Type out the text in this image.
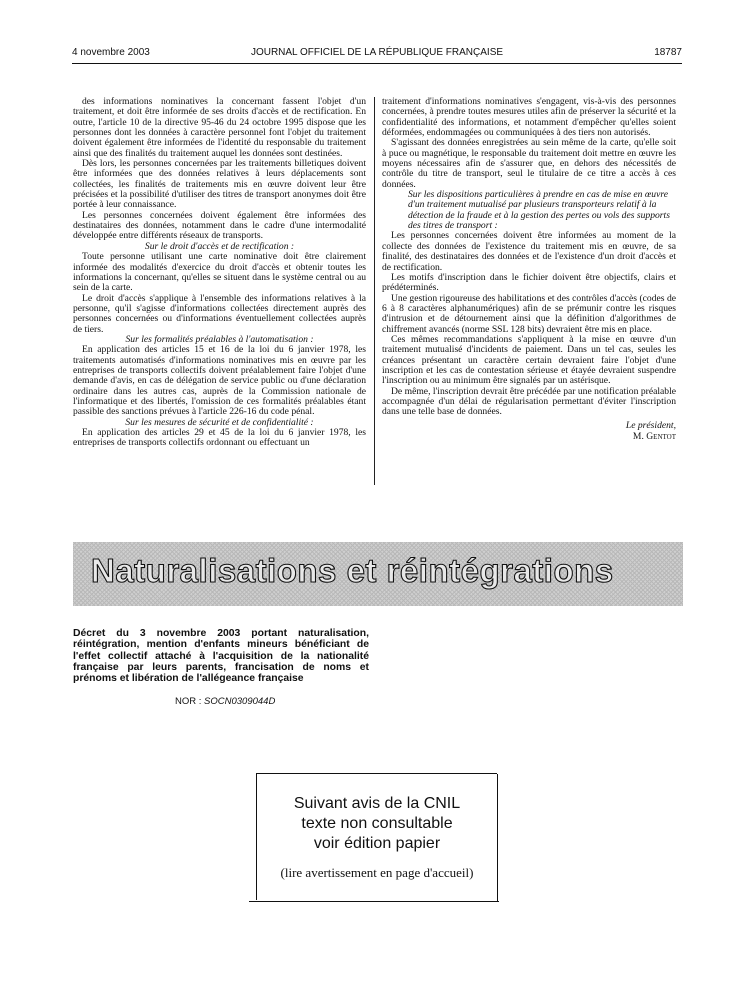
4 novembre 2003	JOURNAL OFFICIEL DE LA RÉPUBLIQUE FRANÇAISE	18787

des informations nominatives la concernant fassent l'objet d'un traitement, et doit être informée de ses droits d'accès et de rectification. En outre, l'article 10 de la directive 95-46 du 24 octobre 1995 dispose que les personnes dont les données à caractère personnel font l'objet du traitement doivent également être informées de l'identité du responsable du traitement ainsi que des finalités du traitement auquel les données sont destinées.

Dès lors, les personnes concernées par les traitements billetiques doivent être informées que des données relatives à leurs déplacements sont collectées, les finalités de traitements mis en œuvre doivent leur être précisées et la possibilité d'utiliser des titres de transport anonymes doit être portée à leur connaissance.

Les personnes concernées doivent également être informées des destinataires des données, notamment dans le cadre d'une intermodalité développée entre différents réseaux de transports.

Sur le droit d'accès et de rectification :

Toute personne utilisant une carte nominative doit être clairement informée des modalités d'exercice du droit d'accès et obtenir toutes les informations la concernant, qu'elles se situent dans le système central ou au sein de la carte.

Le droit d'accès s'applique à l'ensemble des informations relatives à la personne, qu'il s'agisse d'informations collectées directement auprès des personnes concernées ou d'informations éventuellement collectées auprès de tiers.

Sur les formalités préalables à l'automatisation :

En application des articles 15 et 16 de la loi du 6 janvier 1978, les traitements automatisés d'informations nominatives mis en œuvre par les entreprises de transports collectifs doivent préalablement faire l'objet d'une demande d'avis, en cas de délégation de service public ou d'une déclaration ordinaire dans les autres cas, auprès de la Commission nationale de l'informatique et des libertés, l'omission de ces formalités préalables étant passible des sanctions prévues à l'article 226-16 du code pénal.

Sur les mesures de sécurité et de confidentialité :

En application des articles 29 et 45 de la loi du 6 janvier 1978, les entreprises de transports collectifs ordonnant ou effectuant un

traitement d'informations nominatives s'engagent, vis-à-vis des personnes concernées, à prendre toutes mesures utiles afin de préserver la sécurité et la confidentialité des informations, et notamment d'empêcher qu'elles soient déformées, endommagées ou communiquées à des tiers non autorisés.

S'agissant des données enregistrées au sein même de la carte, qu'elle soit à puce ou magnétique, le responsable du traitement doit mettre en œuvre les moyens nécessaires afin de s'assurer que, en dehors des nécessités de contrôle du titre de transport, seul le titulaire de ce titre a accès à ces données.

Sur les dispositions particulières à prendre en cas de mise en œuvre d'un traitement mutualisé par plusieurs transporteurs relatif à la détection de la fraude et à la gestion des pertes ou vols des supports des titres de transport :

Les personnes concernées doivent être informées au moment de la collecte des données de l'existence du traitement mis en œuvre, de sa finalité, des destinataires des données et de l'existence d'un droit d'accès et de rectification.

Les motifs d'inscription dans le fichier doivent être objectifs, clairs et prédéterminés.

Une gestion rigoureuse des habilitations et des contrôles d'accès (codes de 6 à 8 caractères alphanumériques) afin de se prémunir contre les risques d'intrusion et de détournement ainsi que la définition d'algorithmes de chiffrement avancés (norme SSL 128 bits) devraient être mis en place.

Ces mêmes recommandations s'appliquent à la mise en œuvre d'un traitement mutualisé d'incidents de paiement. Dans un tel cas, seules les créances présentant un caractère certain devraient faire l'objet d'une inscription et les cas de contestation sérieuse et étayée devraient suspendre l'inscription ou au minimum être signalés par un astérisque.

De même, l'inscription devrait être précédée par une notification préalable accompagnée d'un délai de régularisation permettant d'éviter l'inscription dans une telle base de données.

Le président,
M. Gentot
Naturalisations et réintégrations
Décret du 3 novembre 2003 portant naturalisation, réintégration, mention d'enfants mineurs bénéficiant de l'effet collectif attaché à l'acquisition de la nationalité française par leurs parents, francisation de noms et prénoms et libération de l'allégeance française
NOR : SOCN0309044D
Suivant avis de la CNIL
texte non consultable
voir édition papier
(lire avertissement en page d'accueil)
